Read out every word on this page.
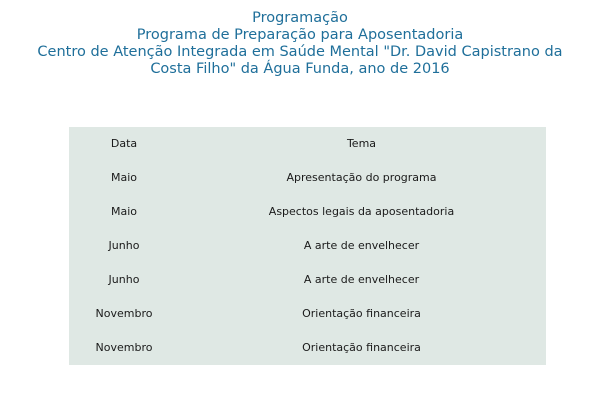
Programação
Programa de Preparação para Aposentadoria
Centro de Atenção Integrada em Saúde Mental "Dr. David Capistrano da
Costa Filho" da Água Funda, ano de 2016
Data	Tema
Maio	Apresentação do programa
Maio	Aspectos legais da aposentadoria
Junho	A arte de envelhecer
Junho	A arte de envelhecer
Novembro	Orientação financeira
Novembro	Orientação financeira
